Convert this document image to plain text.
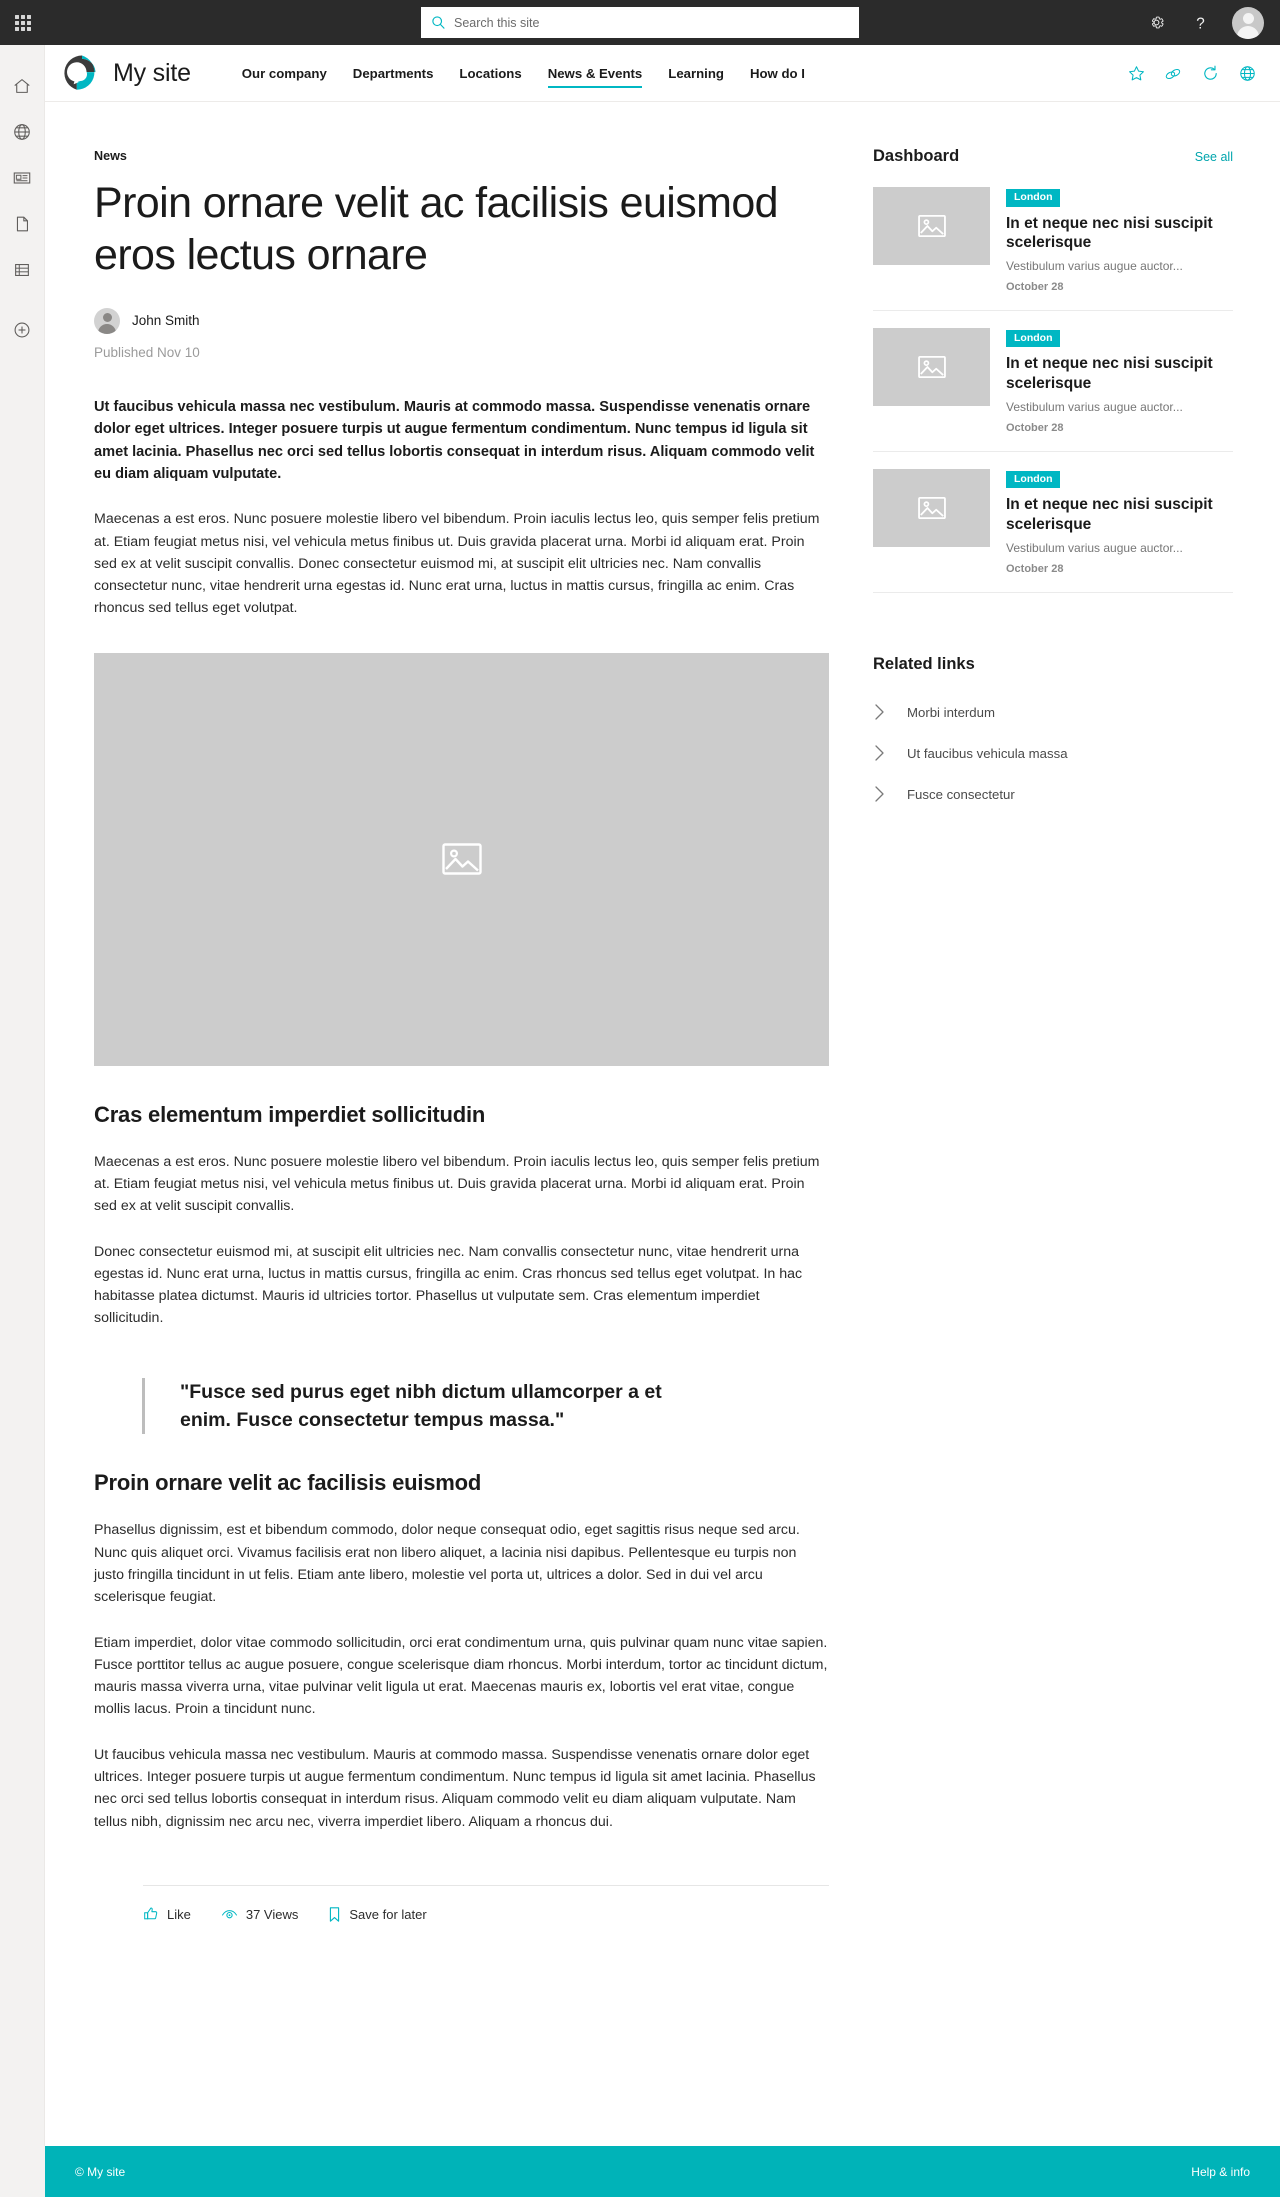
Search this site
?
My site	Our company	Departments	Locations	News & Events	Learning	How do I
News
Proin ornare velit ac facilisis euismod eros lectus ornare
John Smith
Published Nov 10

Ut faucibus vehicula massa nec vestibulum. Mauris at commodo massa. Suspendisse venenatis ornare dolor eget ultrices. Integer posuere turpis ut augue fermentum condimentum. Nunc tempus id ligula sit amet lacinia. Phasellus nec orci sed tellus lobortis consequat in interdum risus. Aliquam commodo velit eu diam aliquam vulputate.

Maecenas a est eros. Nunc posuere molestie libero vel bibendum. Proin iaculis lectus leo, quis semper felis pretium at. Etiam feugiat metus nisi, vel vehicula metus finibus ut. Duis gravida placerat urna. Morbi id aliquam erat. Proin sed ex at velit suscipit convallis. Donec consectetur euismod mi, at suscipit elit ultricies nec. Nam convallis consectetur nunc, vitae hendrerit urna egestas id. Nunc erat urna, luctus in mattis cursus, fringilla ac enim. Cras rhoncus sed tellus eget volutpat.

Cras elementum imperdiet sollicitudin

Maecenas a est eros. Nunc posuere molestie libero vel bibendum. Proin iaculis lectus leo, quis semper felis pretium at. Etiam feugiat metus nisi, vel vehicula metus finibus ut. Duis gravida placerat urna. Morbi id aliquam erat. Proin sed ex at velit suscipit convallis.

Donec consectetur euismod mi, at suscipit elit ultricies nec. Nam convallis consectetur nunc, vitae hendrerit urna egestas id. Nunc erat urna, luctus in mattis cursus, fringilla ac enim. Cras rhoncus sed tellus eget volutpat. In hac habitasse platea dictumst. Mauris id ultricies tortor. Phasellus ut vulputate sem. Cras elementum imperdiet sollicitudin.

"Fusce sed purus eget nibh dictum ullamcorper a et enim. Fusce consectetur tempus massa."

Proin ornare velit ac facilisis euismod

Phasellus dignissim, est et bibendum commodo, dolor neque consequat odio, eget sagittis risus neque sed arcu. Nunc quis aliquet orci. Vivamus facilisis erat non libero aliquet, a lacinia nisi dapibus. Pellentesque eu turpis non justo fringilla tincidunt in ut felis. Etiam ante libero, molestie vel porta ut, ultrices a dolor. Sed in dui vel arcu scelerisque feugiat.

Etiam imperdiet, dolor vitae commodo sollicitudin, orci erat condimentum urna, quis pulvinar quam nunc vitae sapien. Fusce porttitor tellus ac augue posuere, congue scelerisque diam rhoncus. Morbi interdum, tortor ac tincidunt dictum, mauris massa viverra urna, vitae pulvinar velit ligula ut erat. Maecenas mauris ex, lobortis vel erat vitae, congue mollis lacus. Proin a tincidunt nunc.

Ut faucibus vehicula massa nec vestibulum. Mauris at commodo massa. Suspendisse venenatis ornare dolor eget ultrices. Integer posuere turpis ut augue fermentum condimentum. Nunc tempus id ligula sit amet lacinia. Phasellus nec orci sed tellus lobortis consequat in interdum risus. Aliquam commodo velit eu diam aliquam vulputate. Nam tellus nibh, dignissim nec arcu nec, viverra imperdiet libero. Aliquam a rhoncus dui.

Like	37 Views	Save for later
Dashboard	See all
London
In et neque nec nisi suscipit scelerisque
Vestibulum varius augue auctor...
October 28
London
In et neque nec nisi suscipit scelerisque
Vestibulum varius augue auctor...
October 28
London
In et neque nec nisi suscipit scelerisque
Vestibulum varius augue auctor...
October 28
Related links
Morbi interdum
Ut faucibus vehicula massa
Fusce consectetur
© My site	Help & info
